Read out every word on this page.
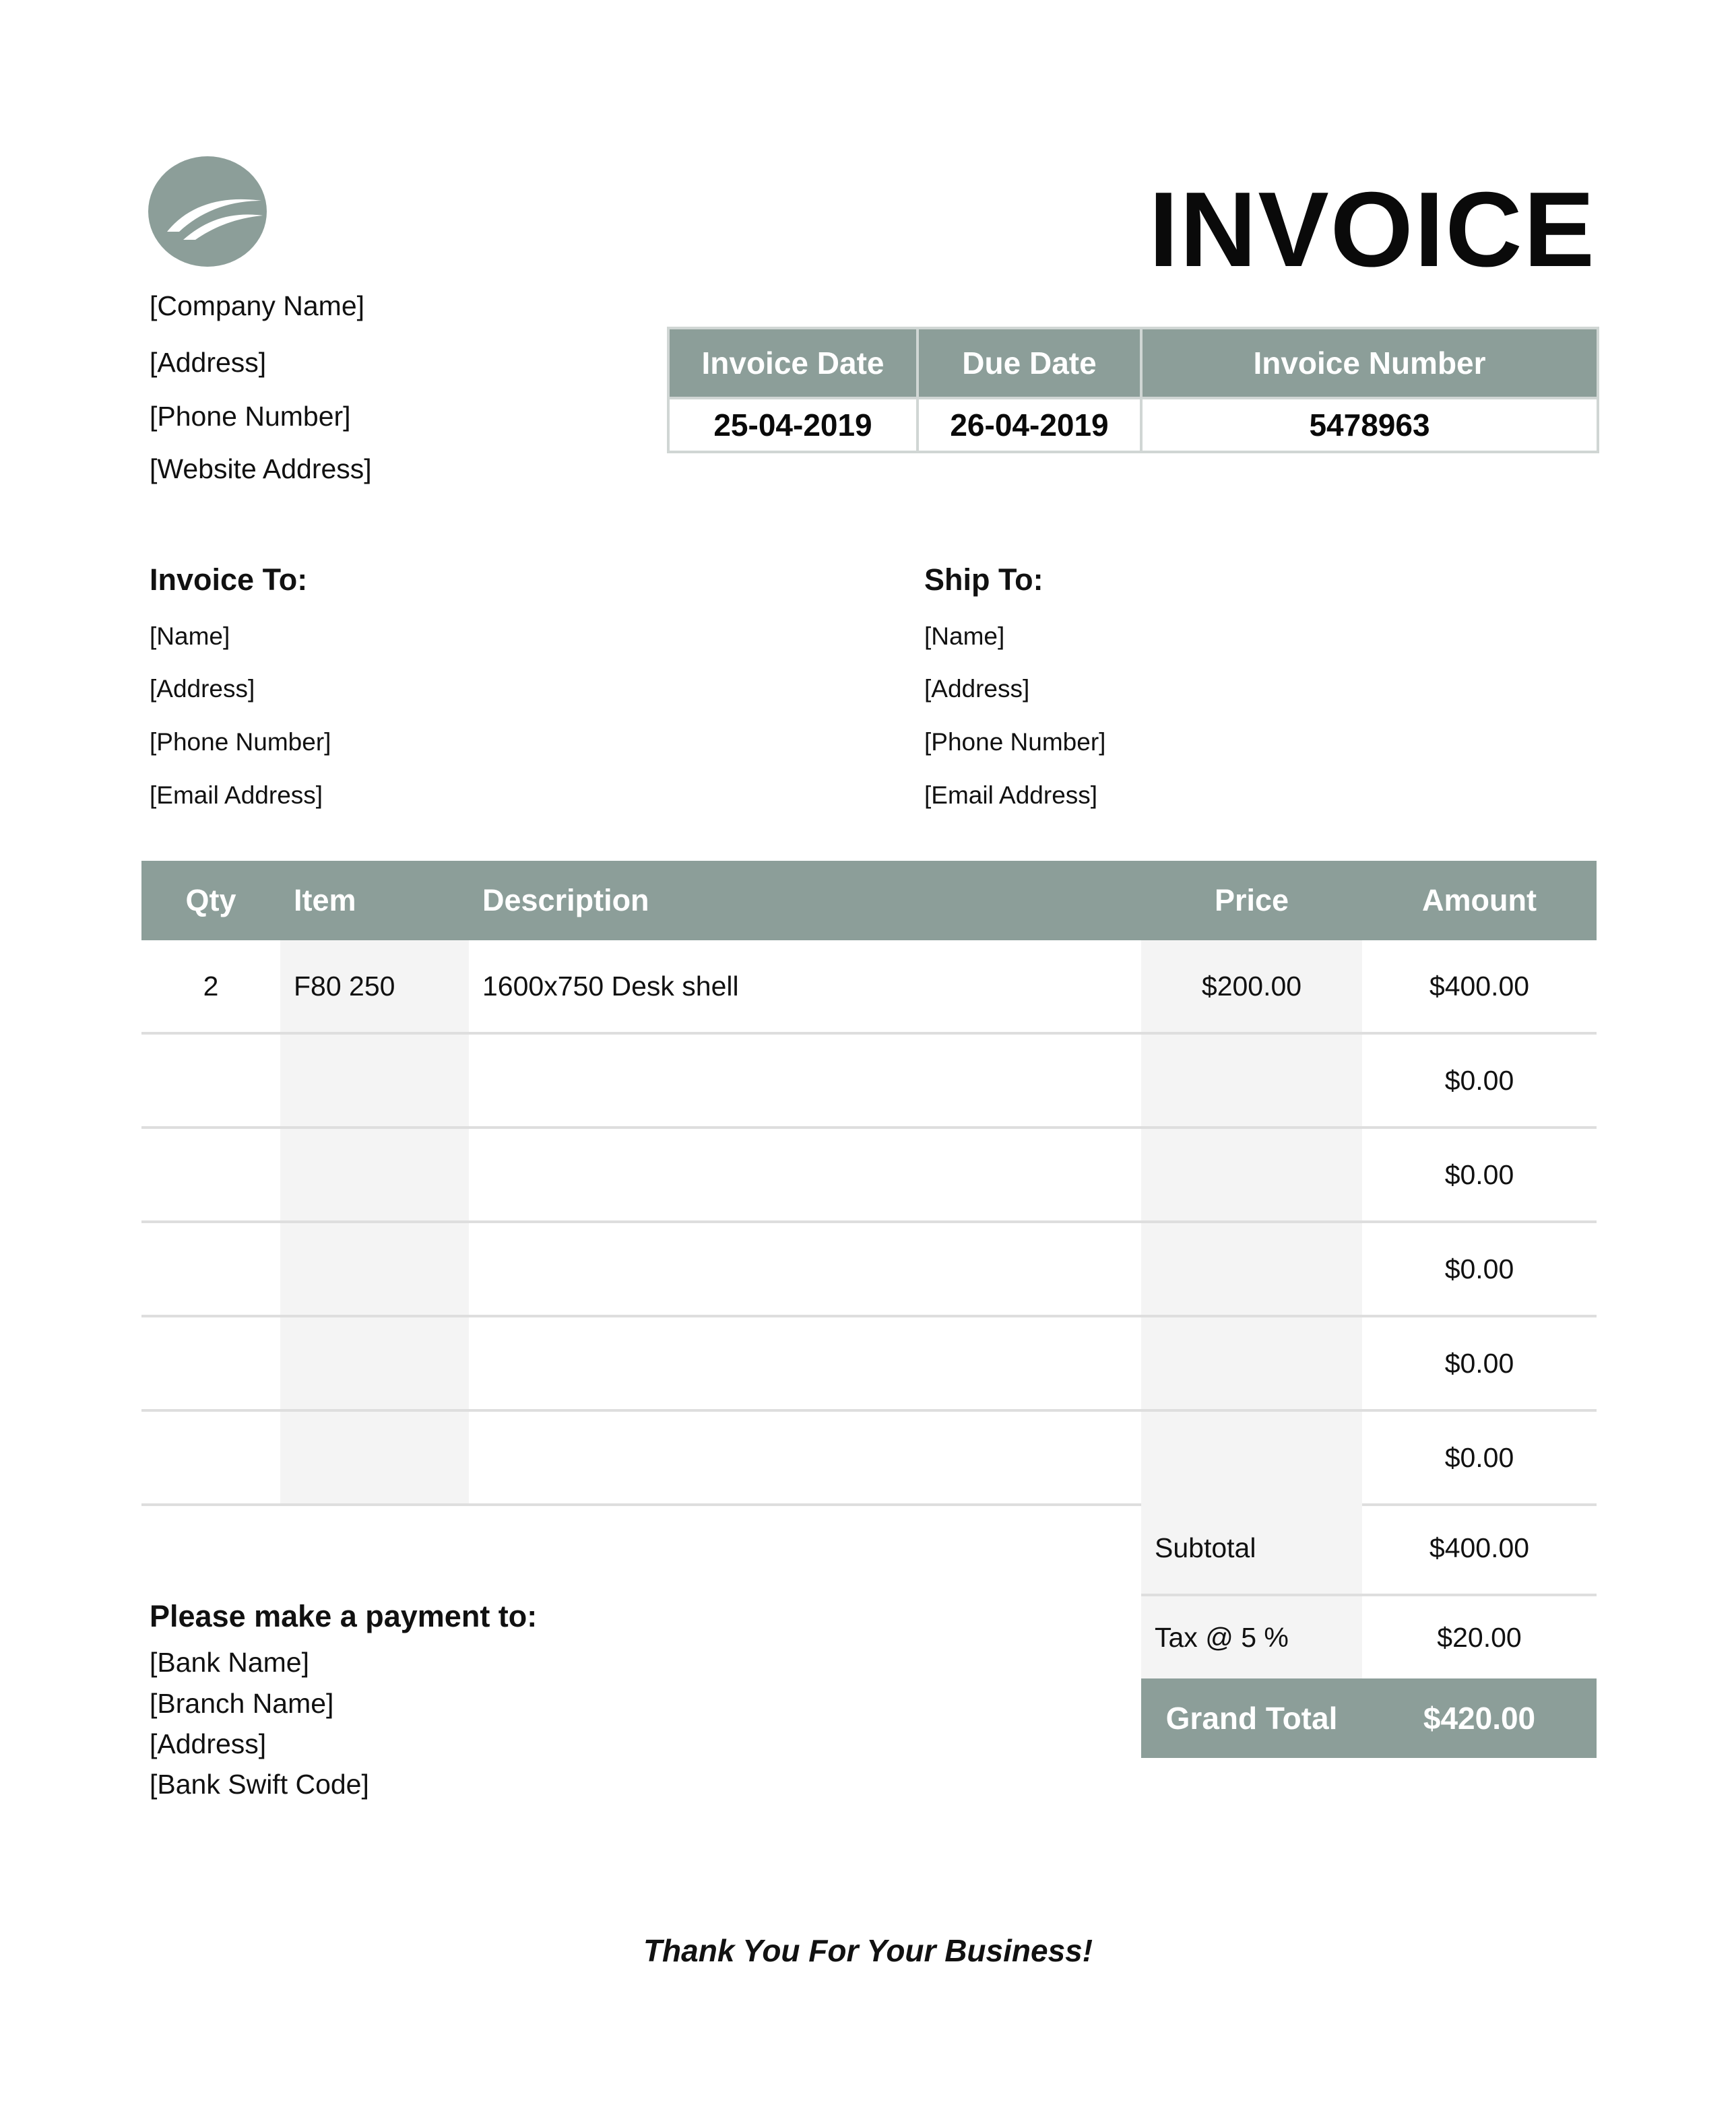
INVOICE
[Company Name]
[Address]
[Phone Number]
[Website Address]
Invoice Date	Due Date	Invoice Number
25-04-2019	26-04-2019	5478963
Invoice To:
[Name]
[Address]
[Phone Number]
[Email Address]
Ship To:
[Name]
[Address]
[Phone Number]
[Email Address]
Qty	Item	Description	Price	Amount
2	F80 250	1600x750 Desk shell	$200.00	$400.00
				$0.00
				$0.00
				$0.00
				$0.00
				$0.00
Subtotal	$400.00
Tax @ 5 %	$20.00
Grand Total	$420.00
Please make a payment to:
[Bank Name]
[Branch Name]
[Address]
[Bank Swift Code]
Thank You For Your Business!
